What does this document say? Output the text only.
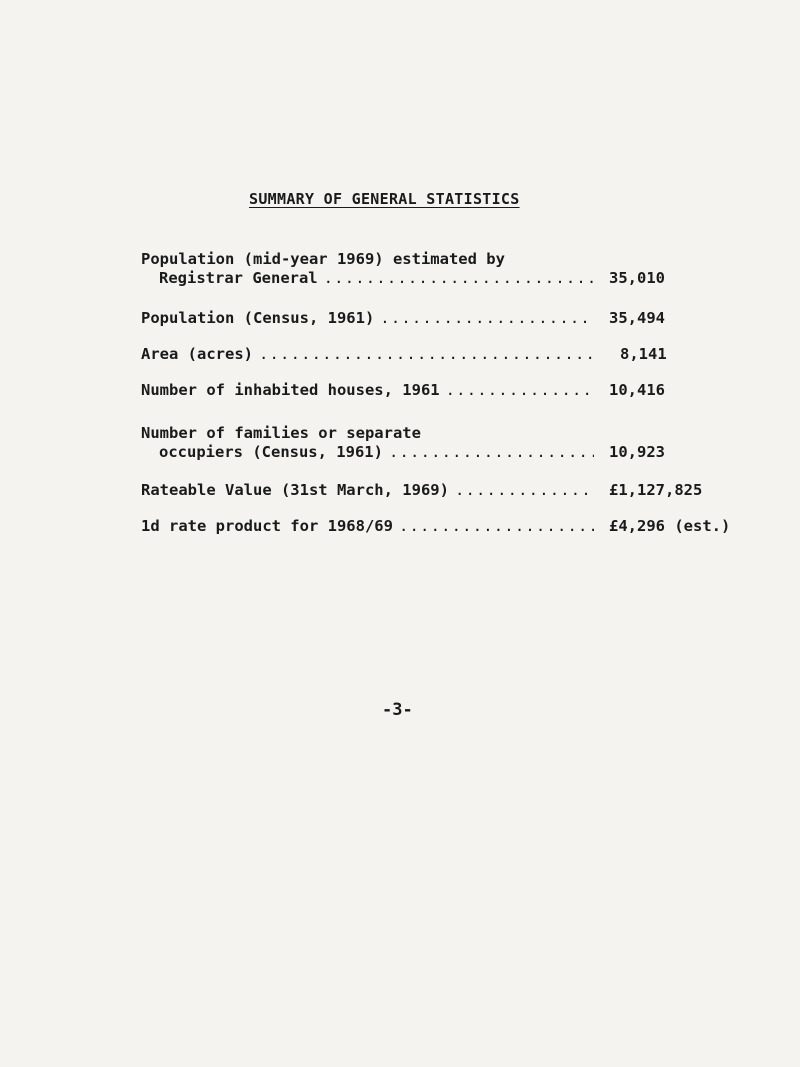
SUMMARY OF GENERAL STATISTICS
Population (mid-year 1969) estimated by
Registrar General .....	35,010
Population (Census, 1961) .....	35,494
Area (acres) .....	8,141
Number of inhabited houses, 1961 .....	10,416
Number of families or separate
occupiers (Census, 1961) .....	10,923
Rateable Value (31st March, 1969) .....	£1,127,825
1d rate product for 1968/69 .....	£4,296 (est.)
-3-
